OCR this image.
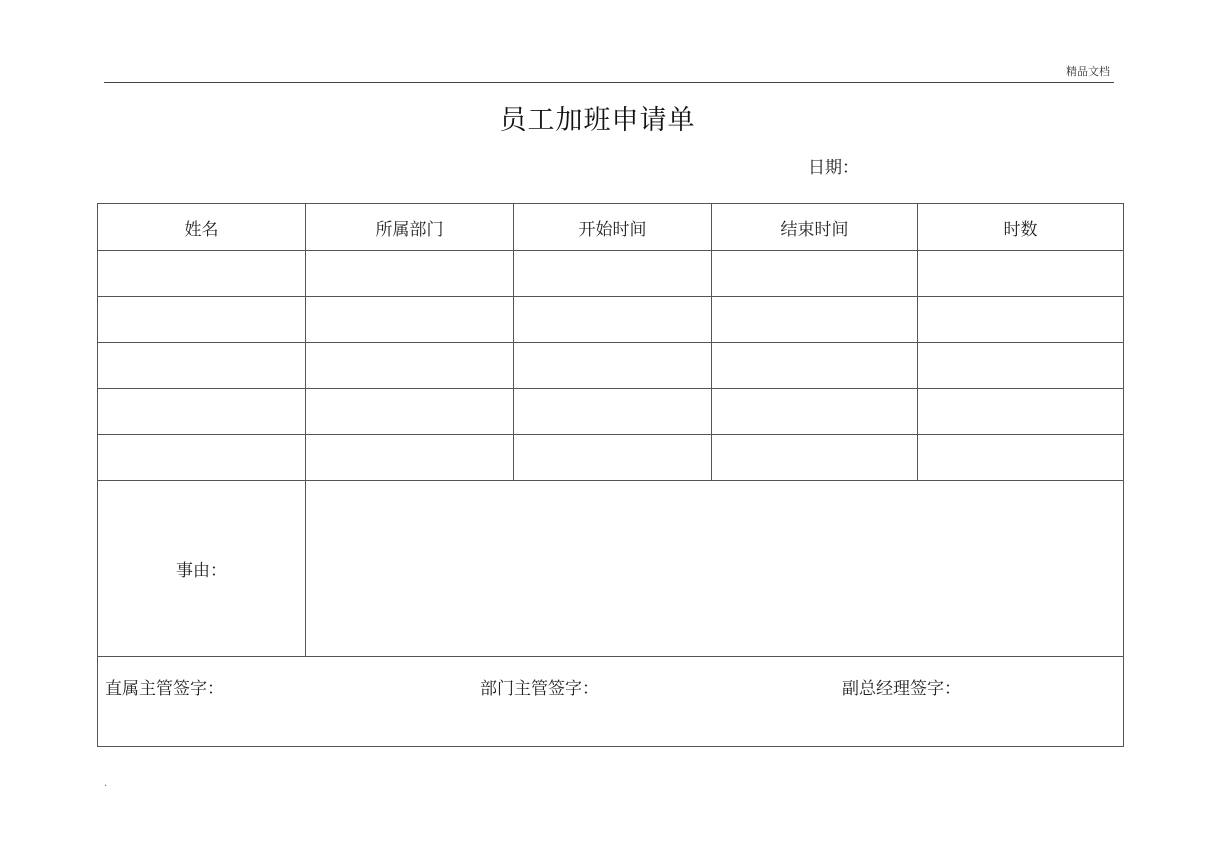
精品文档
员工加班申请单
日期：
姓名	所属部门	开始时间	结束时间	时数

事由：				

直属主管签字： 部门主管签字： 副总经理签字：				
.
